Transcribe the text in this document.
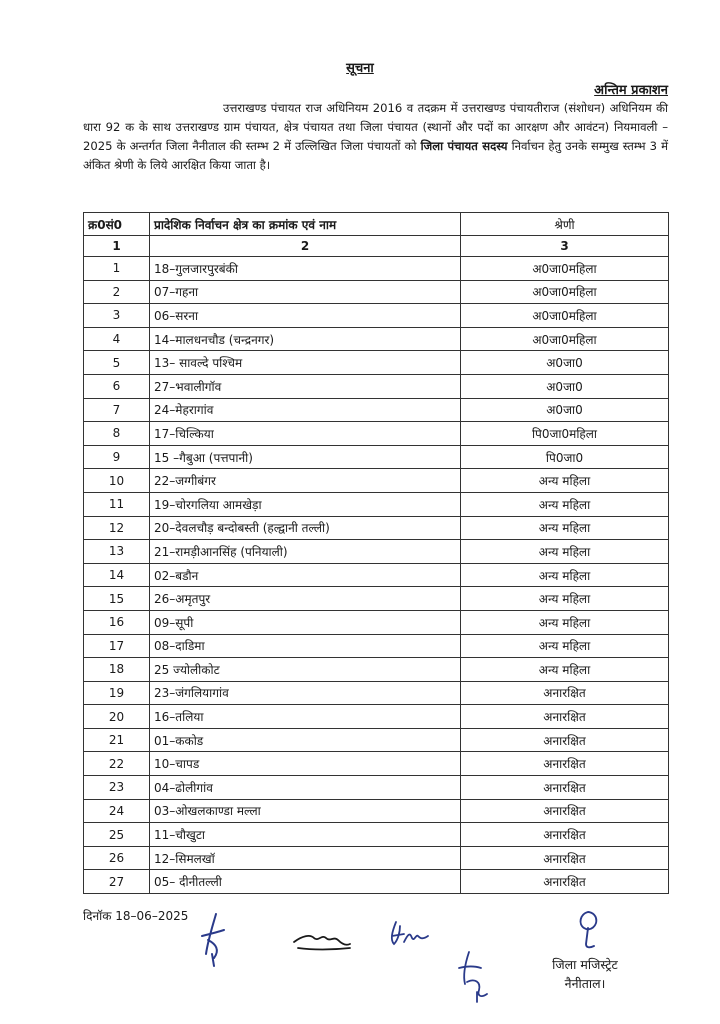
सूचना
अन्तिम प्रकाशन
उत्तराखण्ड पंचायत राज अधिनियम 2016 व तदक्रम में उत्तराखण्ड पंचायतीराज (संशोधन) अधिनियम की धारा 92 क के साथ उत्तराखण्ड ग्राम पंचायत, क्षेत्र पंचायत तथा जिला पंचायत (स्थानों और पदों का आरक्षण और आवंटन) नियमावली – 2025 के अन्तर्गत जिला नैनीताल की स्तम्भ 2 में उल्लिखित जिला पंचायतों को जिला पंचायत सदस्य निर्वाचन हेतु उनके सम्मुख स्तम्भ 3 में अंकित श्रेणी के लिये आरक्षित किया जाता है।
क्र0सं0	प्रादेशिक निर्वाचन क्षेत्र का क्रमांक एवं नाम	श्रेणी
1	2	3
1	18–गुलजारपुरबंकी	अ0जा0महिला
2	07–गहना	अ0जा0महिला
3	06–सरना	अ0जा0महिला
4	14–मालधनचौड (चन्द्रनगर)	अ0जा0महिला
5	13– सावल्दे पश्चिम	अ0जा0
6	27–भवालीगॉव	अ0जा0
7	24–मेहरागांव	अ0जा0
8	17–चिल्किया	पि0जा0महिला
9	15 –गैबुआ (पत्तपानी)	पि0जा0
10	22–जग्गीबंगर	अन्य महिला
11	19–चोरगलिया आमखेड़ा	अन्य महिला
12	20–देवलचौड़ बन्दोबस्ती (हल्द्वानी तल्ली)	अन्य महिला
13	21–रामड़ीआनसिंह (पनियाली)	अन्य महिला
14	02–बडौन	अन्य महिला
15	26–अमृतपुर	अन्य महिला
16	09–सूपी	अन्य महिला
17	08–दाडिमा	अन्य महिला
18	25 ज्योलीकोट	अन्य महिला
19	23–जंगलियागांव	अनारक्षित
20	16–तलिया	अनारक्षित
21	01–ककोड	अनारक्षित
22	10–चापड	अनारक्षित
23	04–ढोलीगांव	अनारक्षित
24	03–ओखलकाण्डा मल्ला	अनारक्षित
25	11–चौखुटा	अनारक्षित
26	12–सिमलखॉ	अनारक्षित
27	05– दीनीतल्ली	अनारक्षित
दिनॉक 18–06–2025
जिला मजिस्ट्रेट
नैनीताल।
